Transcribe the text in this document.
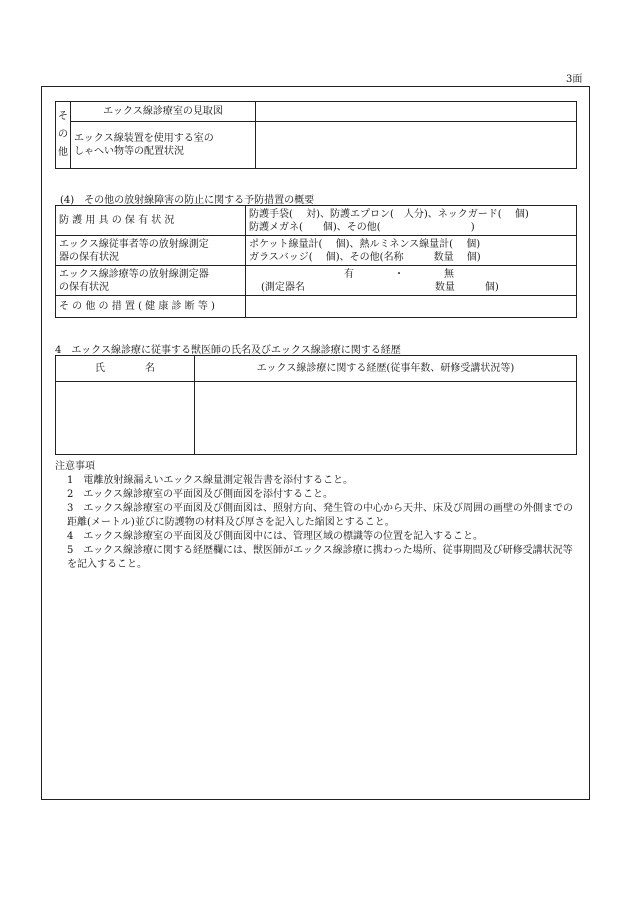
3面
そ
の
他	エックス線診療室の見取図	
	エックス線装置を使用する室の
しゃへい物等の配置状況	
(4)　その他の放射線障害の防止に関する予防措置の概要
防 護 用 具 の 保 有 状 況	防護手袋(　 対)、防護エプロン(　人分)、ネックガード(　 個)
防護メガネ(　　個)、その他(　　　　　　　　　)
エックス線従事者等の放射線測定
器の保有状況	ポケット線量計(　 個)、熱ルミネンス線量計(　 個)
ガラスバッジ(　 個)、その他(名称　　　数量　 個)
エックス線診療等の放射線測定器
の保有状況	有　　　　・　　　　無
(測定器名　　　　　　　　　　　　　数量　　　個)
そ の 他 の 措 置 ( 健 康 診 断 等 )	
4　エックス線診療に従事する獣医師の氏名及びエックス線診療に関する経歴
氏　　　　名	エックス線診療に関する経歴(従事年数、研修受講状況等)

注意事項
1　電離放射線漏えいエックス線量測定報告書を添付すること。
2　エックス線診療室の平面図及び側面図を添付すること。
3　エックス線診療室の平面図及び側面図は、照射方向、発生管の中心から天井、床及び周囲の画壁の外側までの距離(メートル)並びに防護物の材料及び厚さを記入した縮図とすること。
4　エックス線診療室の平面図及び側面図中には、管理区域の標識等の位置を記入すること。
5　エックス線診療に関する経歴欄には、獣医師がエックス線診療に携わった場所、従事期間及び研修受講状況等を記入すること。
